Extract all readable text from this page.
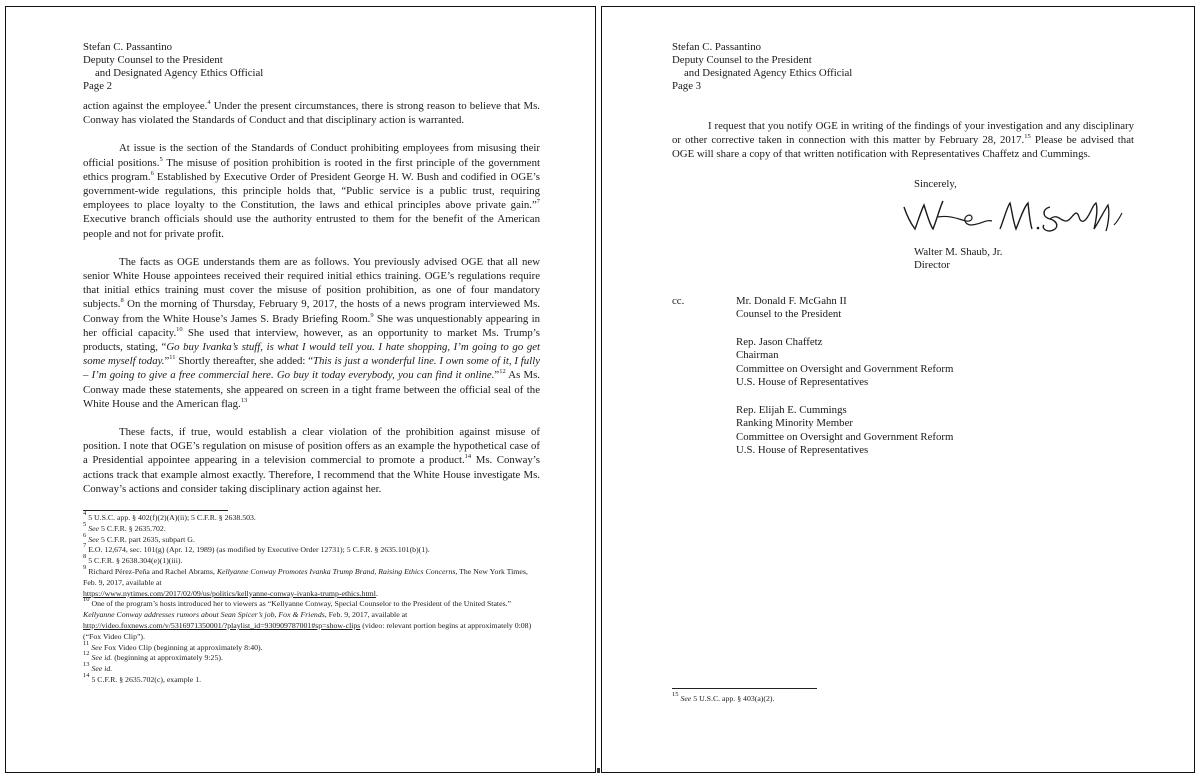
Stefan C. Passantino
Deputy Counsel to the President
and Designated Agency Ethics Official
Page 2

action against the employee.$^4$ Under the present circumstances, there is strong reason to believe that Ms. Conway has violated the Standards of Conduct and that disciplinary action is warranted.

At issue is the section of the Standards of Conduct prohibiting employees from misusing their official positions.$^5$ The misuse of position prohibition is rooted in the first principle of the government ethics program.$^6$ Established by Executive Order of President George H. W. Bush and codified in OGE’s government-wide regulations, this principle holds that, “Public service is a public trust, requiring employees to place loyalty to the Constitution, the laws and ethical principles above private gain.”$^7$ Executive branch officials should use the authority entrusted to them for the benefit of the American people and not for private profit.

The facts as OGE understands them are as follows. You previously advised OGE that all new senior White House appointees received their required initial ethics training. OGE’s regulations require that initial ethics training must cover the misuse of position prohibition, as one of four mandatory subjects.$^8$ On the morning of Thursday, February 9, 2017, the hosts of a news program interviewed Ms. Conway from the White House’s James S. Brady Briefing Room.$^9$ She was unquestionably appearing in her official capacity.$^{10}$ She used that interview, however, as an opportunity to market Ms. Trump’s products, stating, “Go buy Ivanka’s stuff, is what I would tell you. I hate shopping, I’m going to go get some myself today.”$^{11}$ Shortly thereafter, she added: “This is just a wonderful line. I own some of it, I fully – I’m going to give a free commercial here. Go buy it today everybody, you can find it online.”$^{12}$ As Ms. Conway made these statements, she appeared on screen in a tight frame between the official seal of the White House and the American flag.$^{13}$

These facts, if true, would establish a clear violation of the prohibition against misuse of position. I note that OGE’s regulation on misuse of position offers as an example the hypothetical case of a Presidential appointee appearing in a television commercial to promote a product.$^{14}$ Ms. Conway’s actions track that example almost exactly. Therefore, I recommend that the White House investigate Ms. Conway’s actions and consider taking disciplinary action against her.

$^4$ 5 U.S.C. app. § 402(f)(2)(A)(ii); 5 C.F.R. § 2638.503.
$^5$ See 5 C.F.R. § 2635.702.
$^6$ See 5 C.F.R. part 2635, subpart G.
$^7$ E.O. 12,674, sec. 101(g) (Apr. 12, 1989) (as modified by Executive Order 12731); 5 C.F.R. § 2635.101(b)(1).
$^8$ 5 C.F.R. § 2638.304(e)(1)(iii).
$^9$ Richard Pérez-Peña and Rachel Abrams, Kellyanne Conway Promotes Ivanka Trump Brand, Raising Ethics Concerns, The New York Times, Feb. 9, 2017, available at
https://www.nytimes.com/2017/02/09/us/politics/kellyanne-conway-ivanka-trump-ethics.html.
$^{10}$ One of the program’s hosts introduced her to viewers as “Kellyanne Conway, Special Counselor to the President of the United States.” Kellyanne Conway addresses rumors about Sean Spicer’s job, Fox & Friends, Feb. 9, 2017, available at http://video.foxnews.com/v/5316971350001/?playlist_id=930909787001#sp=show-clips (video: relevant portion begins at approximately 0:08) (“Fox Video Clip”).
$^{11}$ See Fox Video Clip (beginning at approximately 8:40).
$^{12}$ See id. (beginning at approximately 9:25).
$^{13}$ See id.
$^{14}$ 5 C.F.R. § 2635.702(c), example 1.
Stefan C. Passantino
Deputy Counsel to the President
and Designated Agency Ethics Official
Page 3

I request that you notify OGE in writing of the findings of your investigation and any disciplinary or other corrective taken in connection with this matter by February 28, 2017.15 Please be advised that OGE will share a copy of that written notification with Representatives Chaffetz and Cummings.

Sincerely,
Walter M. Shaub, Jr.
Director
cc.	Mr. Donald F. McGahn II
Counsel to the President
Rep. Jason Chaffetz
Chairman
Committee on Oversight and Government Reform
U.S. House of Representatives
Rep. Elijah E. Cummings
Ranking Minority Member
Committee on Oversight and Government Reform
U.S. House of Representatives
$^{15}$ See 5 U.S.C. app. § 403(a)(2).
